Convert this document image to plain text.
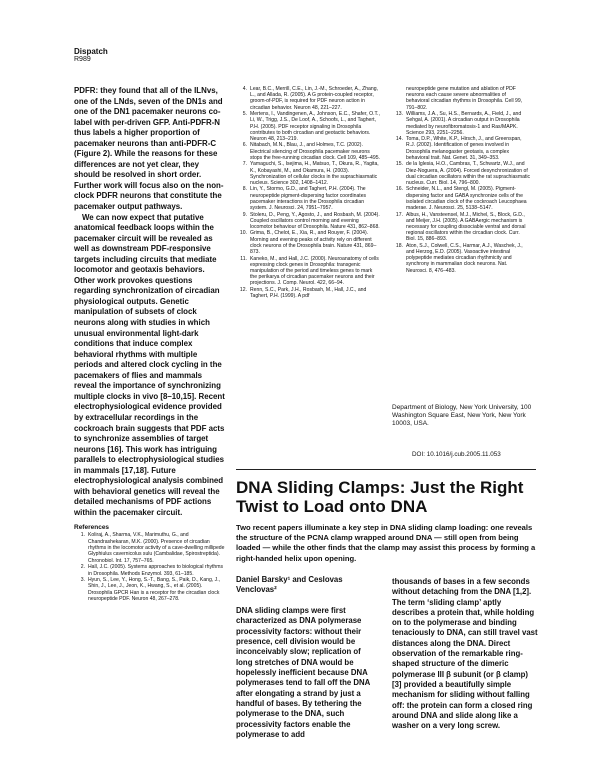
Dispatch
R989

PDFR: they found that all of the ILNvs, one of the LNds, seven of the DN1s and one of the DN1 pacemaker neurons co-label with per-driven GFP. Anti-PDFR-N thus labels a higher proportion of pacemaker neurons than anti-PDFR-C (Figure 2). While the reasons for these differences are not yet clear, they should be resolved in short order. Further work will focus also on the non-clock PDFR neurons that constitute the pacemaker output pathways.

We can now expect that putative anatomical feedback loops within the pacemaker circuit will be revealed as well as downstream PDF-responsive targets including circuits that mediate locomotor and geotaxis behaviors. Other work provokes questions regarding synchronization of circadian physiological outputs. Genetic manipulation of subsets of clock neurons along with studies in which unusual environmental light-dark conditions that induce complex behavioral rhythms with multiple periods and altered clock cycling in the pacemakers of flies and mammals reveal the importance of synchronizing multiple clocks in vivo [8–10,15]. Recent electrophysiological evidence provided by extracellular recordings in the cockroach brain suggests that PDF acts to synchronize assemblies of target neurons [16]. This work has intriguing parallels to electrophysiological studies in mammals [17,18]. Future electrophysiological analysis combined with behavioral genetics will reveal the detailed mechanisms of PDF actions within the pacemaker circuit.

References
1. Koliraj, A., Sharma, V.K., Marimuthu, G., and Chandrashekaran, M.K. (2000). Presence of circadian rhythms in the locomotor activity of a cave-dwelling millipede Glyphiulus cavernicolus sulu (Cambalidae, Spirostreptida). Chronobiol. Int. 17, 757–765.
2. Hall, J.C. (2005). Systems approaches to biological rhythms in Drosophila. Methods Enzymol. 393, 61–185.
3. Hyun, S., Lee, Y., Hong, S.-T., Bang, S., Paik, D., Kang, J., Shin, J., Lee, J., Jeon, K., Hwang, S., et al. (2005). Drosophila GPCR Han is a receptor for the circadian clock neuropeptide PDF. Neuron 48, 267–278.
4. Lear, B.C., Merrill, C.E., Lin, J.-M., Schroeder, A., Zhang, L., and Allada, R. (2005). A G protein-coupled receptor, groom-of-PDF, is required for PDF neuron action in circadian behavior. Neuron 48, 221–227.
5. Mertens, I., Vandingenen, A., Johnson, E.C., Shafer, O.T., Li, W., Trigg, J.S., De Loof, A., Schoofs, L., and Taghert, P.H. (2005). PDF receptor signaling in Drosophila contributes to both circadian and geotactic behaviors. Neuron 48, 213–219.
6. Nitabach, M.N., Blau, J., and Holmes, T.C. (2002). Electrical silencing of Drosophila pacemaker neurons stops the free-running circadian clock. Cell 109, 485–495.
7. Yamaguchi, S., Isejima, H., Matsuo, T., Okura, R., Yagita, K., Kobayashi, M., and Okamura, H. (2003). Synchronization of cellular clocks in the suprachiasmatic nucleus. Science 302, 1408–1412.
8. Lin, Y., Stormo, G.D., and Taghert, P.H. (2004). The neuropeptide pigment-dispersing factor coordinates pacemaker interactions in the Drosophila circadian system. J. Neurosci. 24, 7951–7957.
9. Stoleru, D., Peng, Y., Agosto, J., and Rosbash, M. (2004). Coupled oscillators control morning and evening locomotor behaviour of Drosophila. Nature 431, 862–868.
10. Grima, B., Chelot, E., Xia, R., and Rouyer, F. (2004). Morning and evening peaks of activity rely on different clock neurons of the Drosophila brain. Nature 431, 869–873.
11. Kaneko, M., and Hall, J.C. (2000). Neuroanatomy of cells expressing clock genes in Drosophila: transgenic manipulation of the period and timeless genes to mark the perikarya of circadian pacemaker neurons and their projections. J. Comp. Neurol. 422, 66–94.
12. Renn, S.C., Park, J.H., Rosbash, M., Hall, J.C., and Taghert, P.H. (1999). A pdf
neuropeptide gene mutation and ablation of PDF neurons each cause severe abnormalities of behavioral circadian rhythms in Drosophila. Cell 99, 791–802.
13. Williams, J.A., Su, H.S., Bernards, A., Field, J., and Sehgal, A. (2001). A circadian output in Drosophila mediated by neurofibromatosis-1 and Ras/MAPK. Science 293, 2251–2256.
14. Toma, D.P., White, K.P., Hirsch, J., and Greenspan, R.J. (2002). Identification of genes involved in Drosophila melanogaster geotaxis, a complex behavioral trait. Nat. Genet. 31, 349–353.
15. de la Iglesia, H.O., Cambras, T., Schwartz, W.J., and Diez-Noguera, A. (2004). Forced desynchronization of dual circadian oscillators within the rat suprachiasmatic nucleus. Curr. Biol. 14, 796–800.
16. Schneider, N.L., and Stengl, M. (2005). Pigment-dispersing factor and GABA synchronize cells of the isolated circadian clock of the cockroach Leucophaea maderae. J. Neurosci. 25, 5138–5147.
17. Albus, H., Vansteensel, M.J., Michel, S., Block, G.D., and Meijer, J.H. (2005). A GABAergic mechanism is necessary for coupling dissociable ventral and dorsal regional oscillators within the circadian clock. Curr. Biol. 15, 886–893.
18. Aton, S.J., Colwell, C.S., Harmar, A.J., Waschek, J., and Herzog, E.D. (2005). Vasoactive intestinal polypeptide mediates circadian rhythmicity and synchrony in mammalian clock neurons. Nat. Neurosci. 8, 476–483.
Department of Biology, New York University, 100 Washington Square East, New York, New York 10003, USA.
DOI: 10.1016/j.cub.2005.11.053
DNA Sliding Clamps: Just the Right Twist to Load onto DNA

Two recent papers illuminate a key step in DNA sliding clamp loading: one reveals the structure of the PCNA clamp wrapped around DNA — still open from being loaded — while the other finds that the clamp may assist this process by forming a right-handed helix upon opening.

Daniel Barsky¹ and Ceslovas Venclovas²

DNA sliding clamps were first characterized as DNA polymerase processivity factors: without their presence, cell division would be inconceivably slow; replication of long stretches of DNA would be hopelessly inefficient because DNA polymerases tend to fall off the DNA after elongating a strand by just a handful of bases. By tethering the polymerase to the DNA, such processivity factors enable the polymerase to add

thousands of bases in a few seconds without detaching from the DNA [1,2]. The term ‘sliding clamp’ aptly describes a protein that, while holding on to the polymerase and binding tenaciously to DNA, can still travel vast distances along the DNA. Direct observation of the remarkable ring-shaped structure of the dimeric polymerase III β subunit (or β clamp) [3] provided a beautifully simple mechanism for sliding without falling off: the protein can form a closed ring around DNA and slide along like a washer on a very long screw.
